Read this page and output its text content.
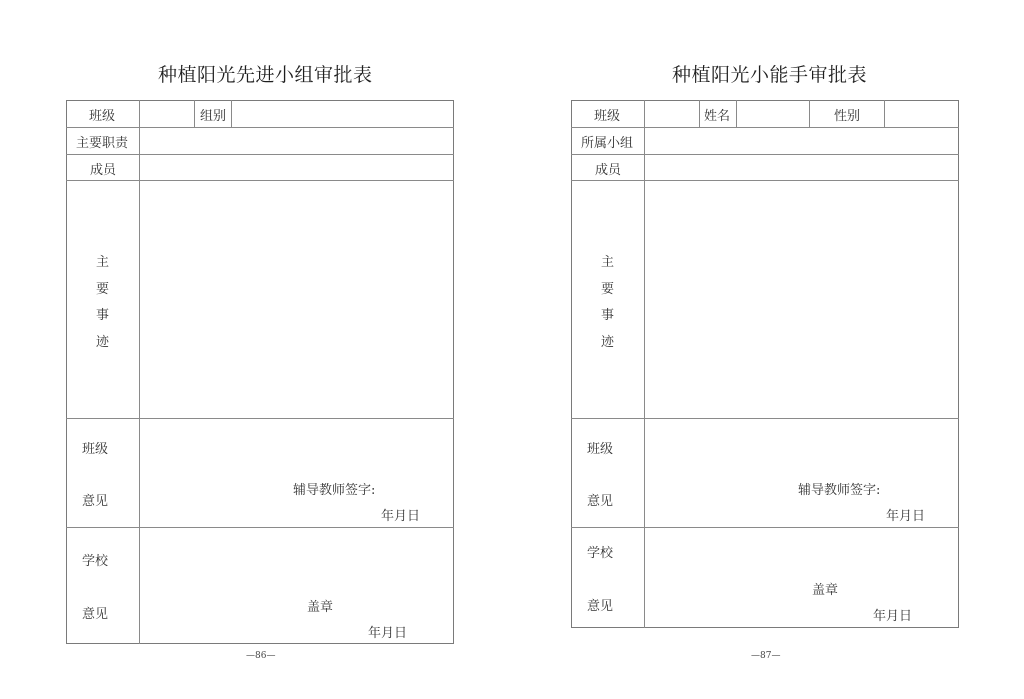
种植阳光先进小组审批表
班级	组别
主要职责
成员
主
要
事
迹
班级
意见
辅导教师签字:
年月日
学校
意见	盖章
年月日
—86—
种植阳光小能手审批表
班级	姓名	性别
所属小组
成员
主
要
事
迹
班级
意见
辅导教师签字:
年月日
学校
意见
盖章
年月日
—87—
